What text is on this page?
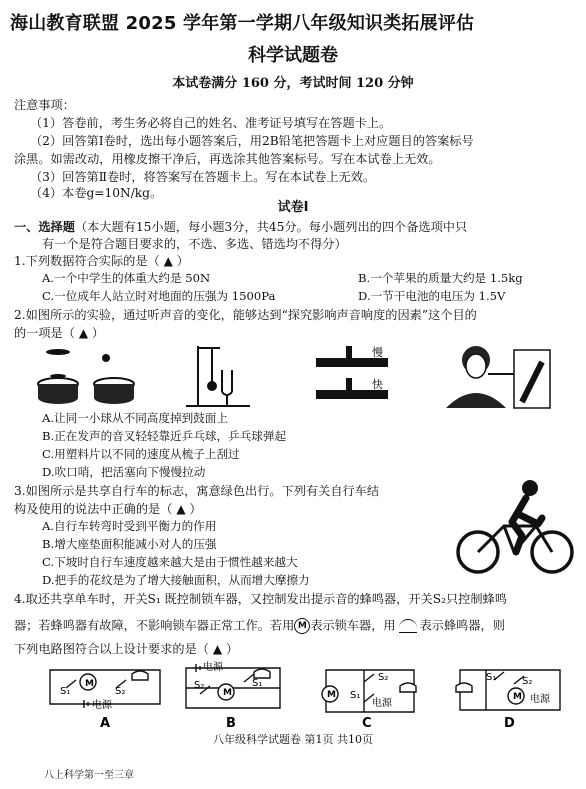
海山教育联盟 2025 学年第一学期八年级知识类拓展评估
科学试题卷
本试卷满分 160 分，考试时间 120 分钟
注意事项：
（1）答卷前，考生务必将自己的姓名、准考证号填写在答题卡上。
（2）回答第Ⅰ卷时，选出每小题答案后，用2B铅笔把答题卡上对应题目的答案标号
涂黑。如需改动，用橡皮擦干净后，再选涂其他答案标号。写在本试卷上无效。
（3）回答第Ⅱ卷时，将答案写在答题卡上。写在本试卷上无效。
（4）本卷g=10N/kg。
试卷Ⅰ
一、选择题（本大题有15小题，每小题3分，共45分。每小题列出的四个备选项中只
有一个是符合题目要求的，不选、多选、错选均不得分）
1.下列数据符合实际的是（ ▲ ）
A.一个中学生的体重大约是 50N	B.一个苹果的质量大约是 1.5kg
C.一位成年人站立时对地面的压强为 1500Pa	D.一节干电池的电压为 1.5V
2.如图所示的实验，通过听声音的变化，能够达到“探究影响声音响度的因素”这个目的
的一项是（ ▲ ）
慢
快
A.让同一小球从不同高度掉到鼓面上
B.正在发声的音叉轻轻靠近乒乓球，乒乓球弹起
C.用塑料片以不同的速度从梳子上刮过
D.吹口哨，把活塞向下慢慢拉动
3.如图所示是共享自行车的标志，寓意绿色出行。下列有关自行车结
构及使用的说法中正确的是（ ▲ ）
A.自行车转弯时受到平衡力的作用
B.增大座垫面积能减小对人的压强
C.下坡时自行车速度越来越大是由于惯性越来越大
D.把手的花纹是为了增大接触面积，从而增大摩擦力
4.取还共享单车时，开关S₁ 既控制锁车器，又控制发出提示音的蜂鸣器，开关S₂只控制蜂鸣
器；若蜂鸣器有故障，不影响锁车器正常工作。若用 M 表示锁车器，用 表示蜂鸣器，则
下列电路图符合以上设计要求的是（ ▲ ）
M
S₁	S₂
电源
A
电源
M
S₁
S₂
B
M
S₂
S₁
电源
C
S₁	S₂
M 电源
D
八年级科学试题卷 第1页 共10页
八上科学第一至三章
